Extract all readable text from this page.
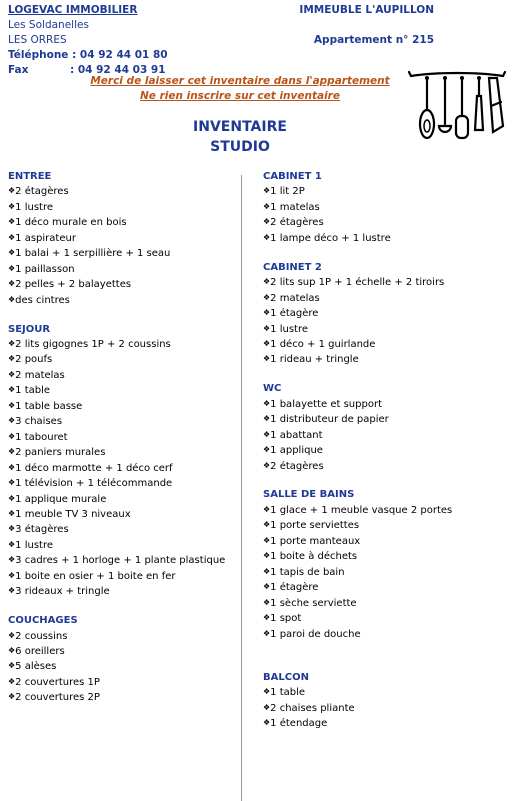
LOGEVAC IMMOBILIER
Les Soldanelles
LES ORRES
Téléphone : 04 92 44 01 80
Fax	: 04 92 44 03 91
IMMEUBLE L'AUPILLON
Appartement n° 215
Merci de laisser cet inventaire dans l'appartement
Ne rien inscrire sur cet inventaire
INVENTAIRE
STUDIO
ENTREE
❖2 étagères
❖1 lustre
❖1 déco murale en bois
❖1 aspirateur
❖1 balai + 1 serpillière + 1 seau
❖1 paillasson
❖2 pelles + 2 balayettes
❖des cintres
SEJOUR
❖2 lits gigognes 1P + 2 coussins
❖2 poufs
❖2 matelas
❖1 table
❖1 table basse
❖3 chaises
❖1 tabouret
❖2 paniers murales
❖1 déco marmotte + 1 déco cerf
❖1 télévision + 1 télécommande
❖1 applique murale
❖1 meuble TV 3 niveaux
❖3 étagères
❖1 lustre
❖3 cadres + 1 horloge + 1 plante plastique
❖1 boite en osier + 1 boite en fer
❖3 rideaux + tringle
COUCHAGES
❖2 coussins
❖6 oreillers
❖5 alèses
❖2 couvertures 1P
❖2 couvertures 2P
CABINET 1
❖1 lit 2P
❖1 matelas
❖2 étagères
❖1 lampe déco + 1 lustre
CABINET 2
❖2 lits sup 1P + 1 échelle + 2 tiroirs
❖2 matelas
❖1 étagère
❖1 lustre
❖1 déco + 1 guirlande
❖1 rideau + tringle
WC
❖1 balayette et support
❖1 distributeur de papier
❖1 abattant
❖1 applique
❖2 étagères
SALLE DE BAINS
❖1 glace + 1 meuble vasque 2 portes
❖1 porte serviettes
❖1 porte manteaux
❖1 boite à déchets
❖1 tapis de bain
❖1 étagère
❖1 sèche serviette
❖1 spot
❖1 paroi de douche
BALCON
❖1 table
❖2 chaises pliante
❖1 étendage
